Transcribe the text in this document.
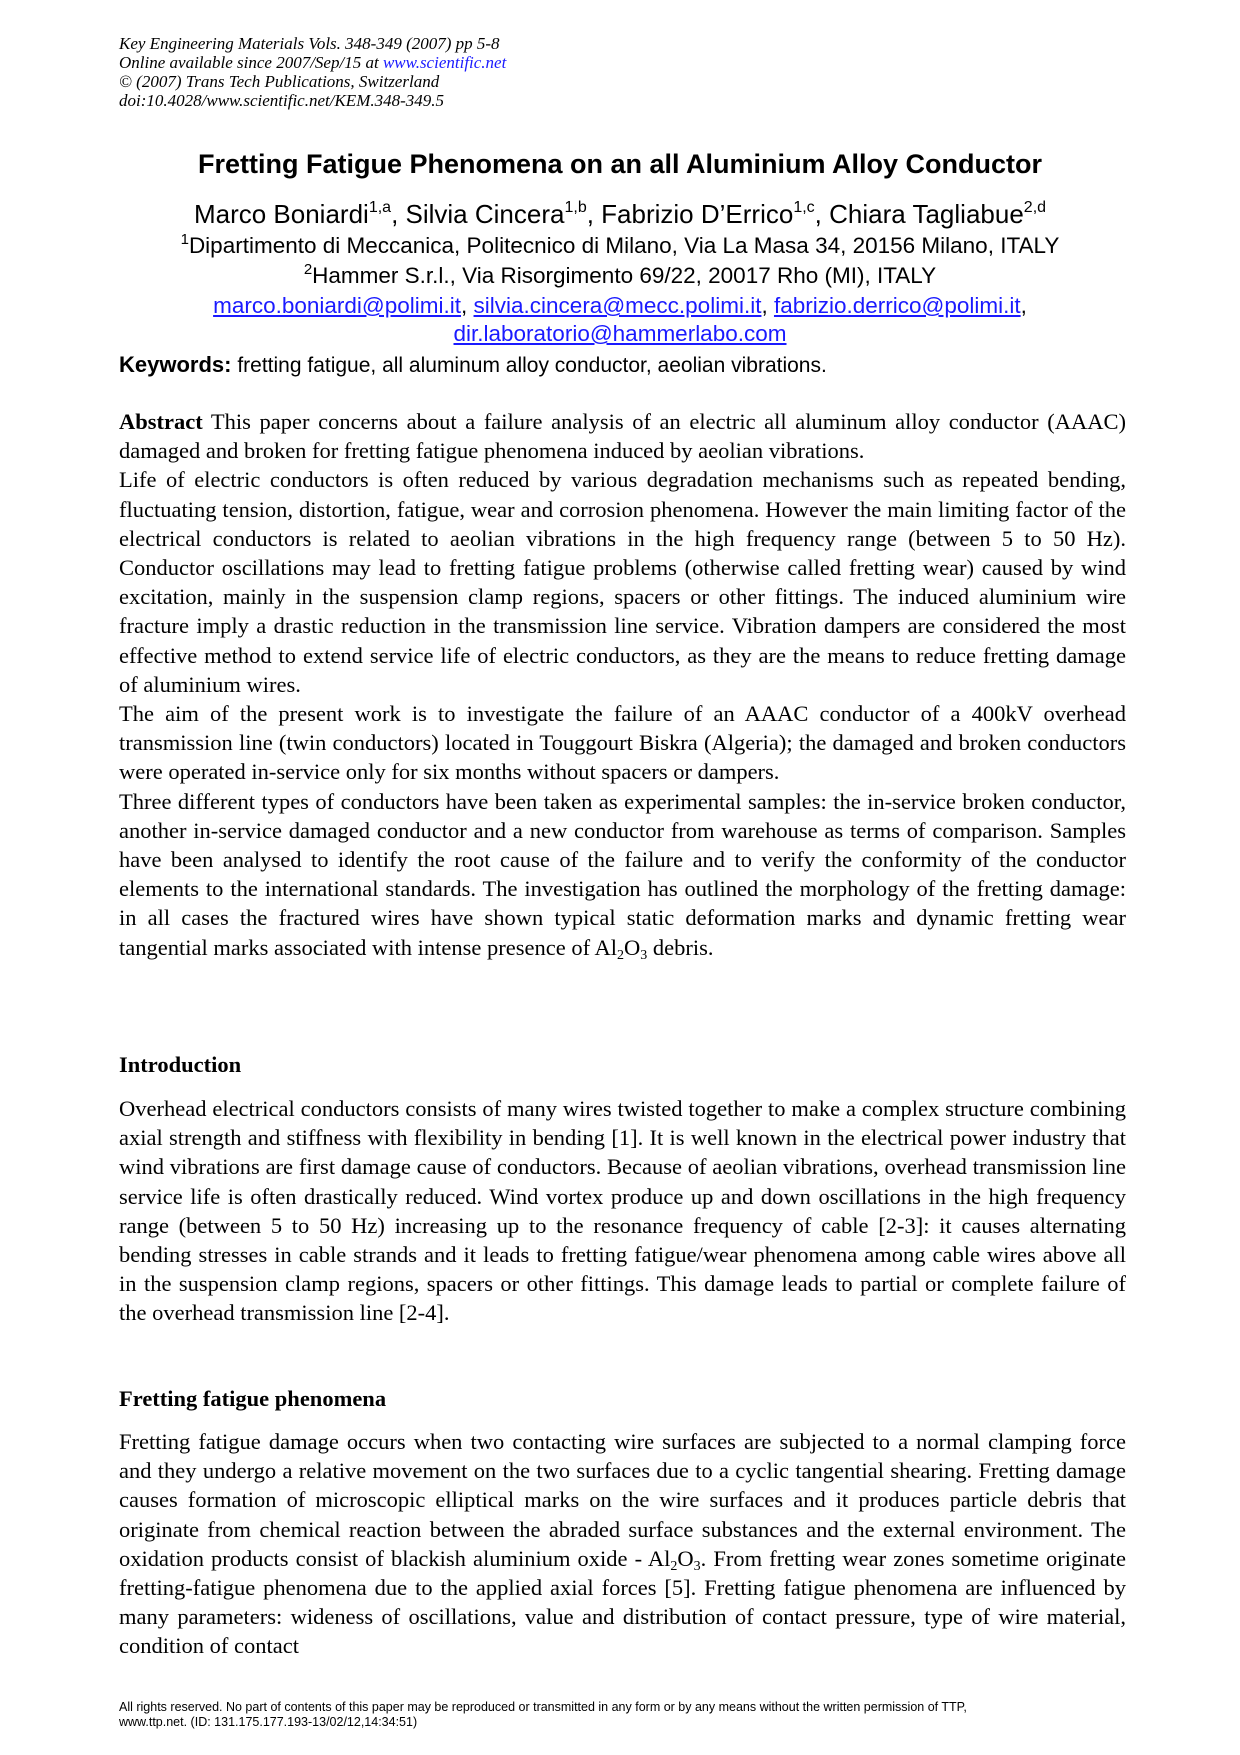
Key Engineering Materials Vols. 348-349 (2007) pp 5-8
Online available since 2007/Sep/15 at www.scientific.net
© (2007) Trans Tech Publications, Switzerland
doi:10.4028/www.scientific.net/KEM.348-349.5
Fretting Fatigue Phenomena on an all Aluminium Alloy Conductor
Marco Boniardi$^{1,a}$, Silvia Cincera$^{1,b}$, Fabrizio D’Errico$^{1,c}$, Chiara Tagliabue$^{2,d}$
$^1$Dipartimento di Meccanica, Politecnico di Milano, Via La Masa 34, 20156 Milano, ITALY
$^2$Hammer S.r.l., Via Risorgimento 69/22, 20017 Rho (MI), ITALY
marco.boniardi@polimi.it, silvia.cincera@mecc.polimi.it, fabrizio.derrico@polimi.it,
dir.laboratorio@hammerlabo.com
Keywords: fretting fatigue, all aluminum alloy conductor, aeolian vibrations.

Abstract This paper concerns about a failure analysis of an electric all aluminum alloy conductor (AAAC) damaged and broken for fretting fatigue phenomena induced by aeolian vibrations.

Life of electric conductors is often reduced by various degradation mechanisms such as repeated bending, fluctuating tension, distortion, fatigue, wear and corrosion phenomena. However the main limiting factor of the electrical conductors is related to aeolian vibrations in the high frequency range (between 5 to 50 Hz). Conductor oscillations may lead to fretting fatigue problems (otherwise called fretting wear) caused by wind excitation, mainly in the suspension clamp regions, spacers or other fittings. The induced aluminium wire fracture imply a drastic reduction in the transmission line service. Vibration dampers are considered the most effective method to extend service life of electric conductors, as they are the means to reduce fretting damage of aluminium wires.

The aim of the present work is to investigate the failure of an AAAC conductor of a 400kV overhead transmission line (twin conductors) located in Touggourt Biskra (Algeria); the damaged and broken conductors were operated in-service only for six months without spacers or dampers.

Three different types of conductors have been taken as experimental samples: the in-service broken conductor, another in-service damaged conductor and a new conductor from warehouse as terms of comparison. Samples have been analysed to identify the root cause of the failure and to verify the conformity of the conductor elements to the international standards. The investigation has outlined the morphology of the fretting damage: in all cases the fractured wires have shown typical static deformation marks and dynamic fretting wear tangential marks associated with intense presence of $Al_2O_3$ debris.

Introduction

Overhead electrical conductors consists of many wires twisted together to make a complex structure combining axial strength and stiffness with flexibility in bending [1]. It is well known in the electrical power industry that wind vibrations are first damage cause of conductors. Because of aeolian vibrations, overhead transmission line service life is often drastically reduced. Wind vortex produce up and down oscillations in the high frequency range (between 5 to 50 Hz) increasing up to the resonance frequency of cable [2-3]: it causes alternating bending stresses in cable strands and it leads to fretting fatigue/wear phenomena among cable wires above all in the suspension clamp regions, spacers or other fittings. This damage leads to partial or complete failure of the overhead transmission line [2-4].

Fretting fatigue phenomena

Fretting fatigue damage occurs when two contacting wire surfaces are subjected to a normal clamping force and they undergo a relative movement on the two surfaces due to a cyclic tangential shearing. Fretting damage causes formation of microscopic elliptical marks on the wire surfaces and it produces particle debris that originate from chemical reaction between the abraded surface substances and the external environment. The oxidation products consist of blackish aluminium oxide - $Al_2O_3$. From fretting wear zones sometime originate fretting-fatigue phenomena due to the applied axial forces [5]. Fretting fatigue phenomena are influenced by many parameters: wideness of oscillations, value and distribution of contact pressure, type of wire material, condition of contact

All rights reserved. No part of contents of this paper may be reproduced or transmitted in any form or by any means without the written permission of TTP,
www.ttp.net. (ID: 131.175.177.193-13/02/12,14:34:51)
